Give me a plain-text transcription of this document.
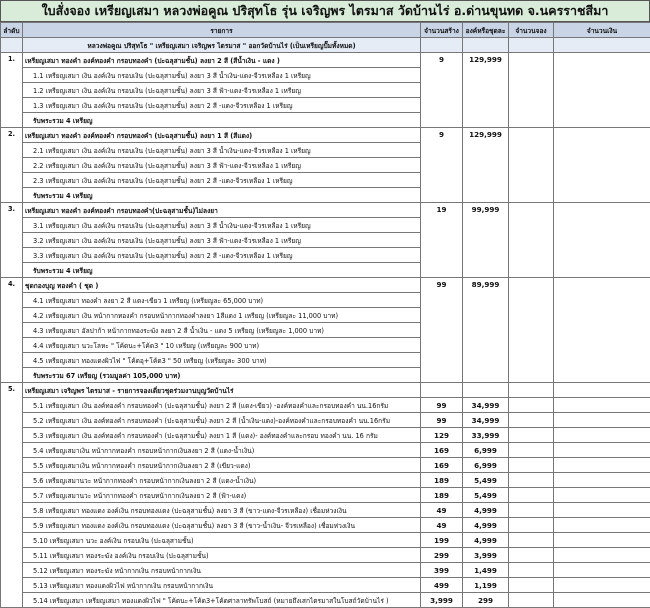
ใบสั่งจอง เหรียญเสมา หลวงพ่อคูณ ปริสุทโธ รุ่น เจริญพร ไตรมาส วัดบ้านไร่ อ.ด่านขุนทด จ.นครราชสีมา
ลำดับ	รายการ	จำนวนสร้าง	องค์หรือชุดละ	จำนวนจอง	จำนวนเงิน
	หลวงพ่อคูณ ปริสุทโธ " เหรียญเสมา เจริญพร ไตรมาส " ออกวัดบ้านไร่ (เป็นเหรียญปั๊มทั้งหมด)				
1.	เหรียญเสมา ทองคำ องค์ทองคำ กรอบทองคำ (ปะฉลุสามชั้น) ลงยา 2 สี (สีน้ำเงิน - แดง )	9	129,999		
	1.1 เหรียญเสมา เงิน องค์เงิน กรอบเงิน (ปะฉลุสามชั้น) ลงยา 3 สี น้ำเงิน-แดง-จีวรเหลือง 1 เหรียญ				
	1.2 เหรียญเสมา เงิน องค์เงิน กรอบเงิน (ปะฉลุสามชั้น) ลงยา 3 สี ฟ้า-แดง-จีวรเหลือง 1 เหรียญ				
	1.3 เหรียญเสมา เงิน องค์เงิน กรอบเงิน (ปะฉลุสามชั้น) ลงยา 2 สี -แดง-จีวรเหลือง 1 เหรียญ				
	รับพระรวม 4 เหรียญ				
2.	เหรียญเสมา ทองคำ องค์ทองคำ กรอบทองคำ (ปะฉลุสามชั้น) ลงยา 1 สี (สีแดง)	9	129,999		
	2.1 เหรียญเสมา เงิน องค์เงิน กรอบเงิน (ปะฉลุสามชั้น) ลงยา 3 สี น้ำเงิน-แดง-จีวรเหลือง 1 เหรียญ				
	2.2 เหรียญเสมา เงิน องค์เงิน กรอบเงิน (ปะฉลุสามชั้น) ลงยา 3 สี ฟ้า-แดง-จีวรเหลือง 1 เหรียญ				
	2.3 เหรียญเสมา เงิน องค์เงิน กรอบเงิน (ปะฉลุสามชั้น) ลงยา 2 สี -แดง-จีวรเหลือง 1 เหรียญ				
	รับพระรวม 4 เหรียญ				
3.	เหรียญเสมา ทองคำ องค์ทองคำ กรอบทองคำ(ปะฉลุสามชั้น)ไม่ลงยา	19	99,999		
	3.1 เหรียญเสมา เงิน องค์เงิน กรอบเงิน (ปะฉลุสามชั้น) ลงยา 3 สี น้ำเงิน-แดง-จีวรเหลือง 1 เหรียญ				
	3.2 เหรียญเสมา เงิน องค์เงิน กรอบเงิน (ปะฉลุสามชั้น) ลงยา 3 สี ฟ้า-แดง-จีวรเหลือง 1 เหรียญ				
	3.3 เหรียญเสมา เงิน องค์เงิน กรอบเงิน (ปะฉลุสามชั้น) ลงยา 2 สี -แดง-จีวรเหลือง 1 เหรียญ				
	รับพระรวม 4 เหรียญ				
4.	ชุดกองบุญ ทองคำ ( ชุด )	99	89,999		
	4.1 เหรียญเสมา ทองคำ ลงยา 2 สี แดง-เขียว 1 เหรียญ (เหรียญละ 65,000 บาท)				
	4.2 เหรียญเสมา เงิน หน้ากากทองคำ กรอบหน้ากากทองคำลงยา 1สีแดง 1 เหรียญ (เหรียญละ 11,000 บาท)				
	4.3 เหรียญเสมา อัลปาก้า หน้ากากทองระฆัง ลงยา 2 สี น้ำเงิน - แดง 5 เหรียญ (เหรียญละ 1,000 บาท)				
	4.4 เหรียญเสมา นวะโลหะ " โค้ดนะ+โค้ด3 " 10 เหรียญ (เหรียญละ 900 บาท)				
	4.5 เหรียญเสมา ทองแดงผิวไฟ " โค้ดอุ+โค้ด3 " 50 เหรียญ (เหรียญละ 300 บาท)				
	รับพระรวม 67 เหรียญ (รวมมูลค่า 105,000 บาท)				
5.	เหรียญเสมา เจริญพร ไตรมาส - รายการจองเดี่ยวชุดร่วมงานบุญวัดบ้านไร่				
	5.1 เหรียญเสมา เงิน องค์ทองคำ กรอบทองคำ (ปะฉลุสามชั้น) ลงยา 2 สี (แดง-เขียว) -องค์ทองคำและกรอบทองคำ นน.16กรัม	99	34,999		
	5.2 เหรียญเสมา เงิน องค์ทองคำ กรอบทองคำ (ปะฉลุสามชั้น) ลงยา 2 สี (น้ำเงิน-แดง)-องค์ทองคำและกรอบทองคำ นน.16กรัม	99	34,999		
	5.3 เหรียญเสมา เงิน องค์ทองคำ กรอบทองคำ (ปะฉลุสามชั้น) ลงยา 1 สี (แดง)- องค์ทองคำและกรอบ ทองคำ นน. 16 กรัม	129	33,999		
	5.4 เหรียญเสมาเงิน หน้ากากทองคำ กรอบหน้ากากเงินลงยา 2 สี (แดง-น้ำเงิน)	169	6,999		
	5.5 เหรียญเสมาเงิน หน้ากากทองคำ กรอบหน้ากากเงินลงยา 2 สี (เขียว-แดง)	169	6,999		
	5.6 เหรียญเสมานวะ หน้ากากทองคำ กรอบหน้ากากเงินลงยา 2 สี (แดง-น้ำเงิน)	189	5,499		
	5.7 เหรียญเสมานวะ หน้ากากทองคำ กรอบหน้ากากเงินลงยา 2 สี (ฟ้า-แดง)	189	5,499		
	5.8 เหรียญเสมา ทองแดง องค์เงิน กรอบทองแดง (ปะฉลุสามชั้น) ลงยา 3 สี (ขาว-แดง-จีวรเหลือง) เชื่อมห่วงเงิน	49	4,999		
	5.9 เหรียญเสมา ทองแดง องค์เงิน กรอบทองแดง (ปะฉลุสามชั้น) ลงยา 3 สี (ขาว-น้ำเงิน- จีวรเหลือง) เชื่อมห่วงเงิน	49	4,999		
	5.10 เหรียญเสมา นวะ องค์เงิน กรอบเงิน (ปะฉลุสามชั้น)	199	4,999		
	5.11 เหรียญเสมา ทองระฆัง องค์เงิน กรอบเงิน (ปะฉลุสามชั้น)	299	3,999		
	5.12 เหรียญเสมา ทองระฆัง หน้ากากเงิน กรอบหน้ากากเงิน	399	1,499		
	5.13 เหรียญเสมา ทองแดงผิวไฟ หน้ากากเงิน กรอบหน้ากากเงิน	499	1,199		
	5.14 เหรียญเสมา เหรียญเสมา ทองแดงผิวไฟ " โค้ดนะ+โค้ด3+โค้ดศาลาทรัพโบสถ์ (หมายถึงเสกไตรมาสในโบสถ์วัดบ้านไร่ )	3,999	299		
